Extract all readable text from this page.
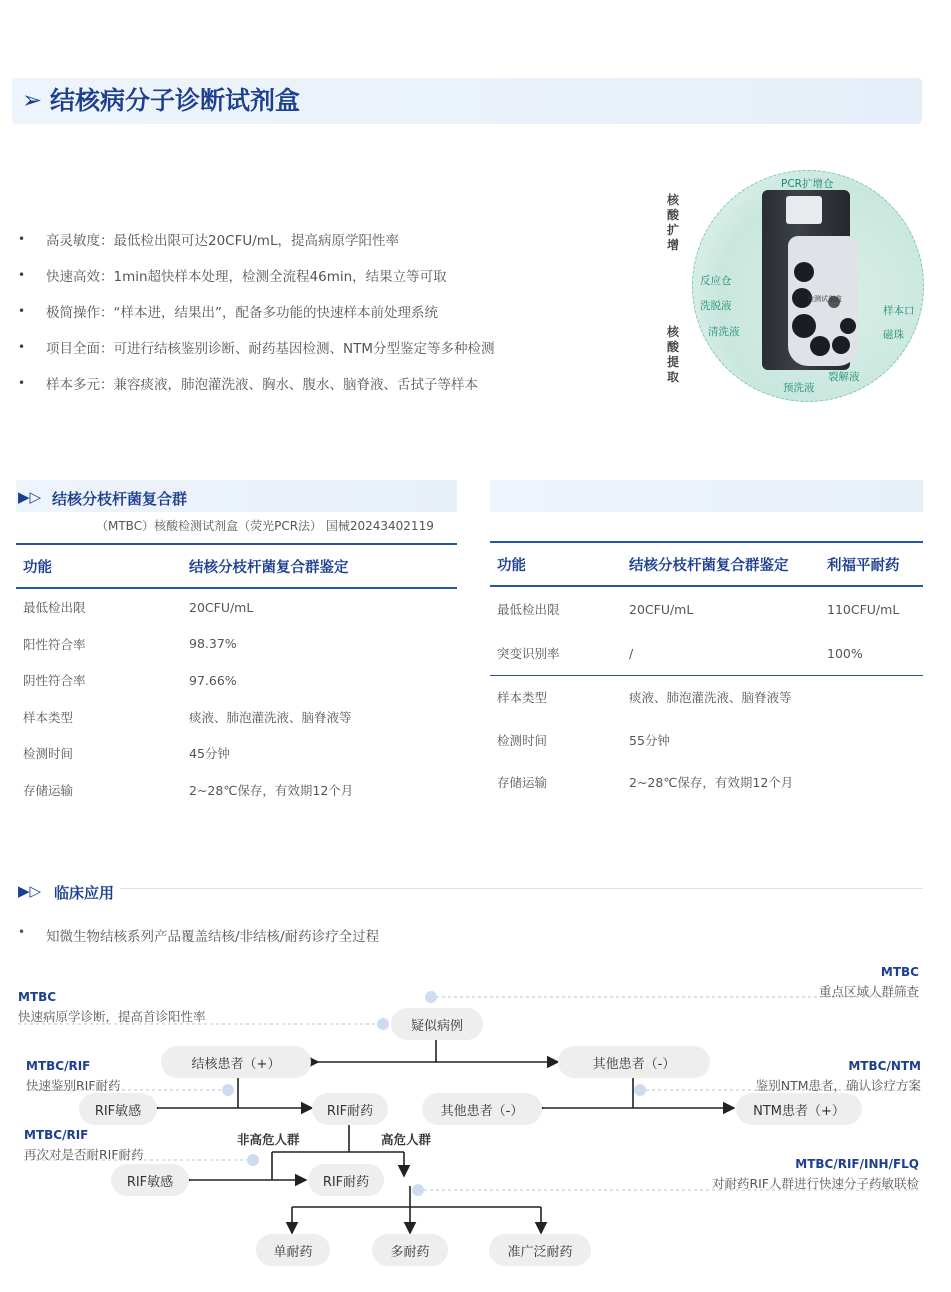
➢ 结核病分子诊断试剂盒
•	高灵敏度：最低检出限可达20CFU/mL，提高病原学阳性率
•	快速高效：1min超快样本处理，检测全流程46min，结果立等可取
•	极简操作：“样本进，结果出”，配备多功能的快速样本前处理系统
•	项目全面：可进行结核鉴别诊断、耐药基因检测、NTM分型鉴定等多种检测
•	样本多元：兼容痰液，肺泡灌洗液、胸水、腹水、脑脊液、舌拭子等样本
核酸扩增
核酸提取
检测试剂盒
PCR扩增仓
反应仓
洗脱液
清洗液
样本口
磁珠
裂解液
预洗液
▶▷ 结核分枝杆菌复合群
（MTBC）核酸检测试剂盒（荧光PCR法） 国械20243402119
功能	结核分枝杆菌复合群鉴定
最低检出限	20CFU/mL
阳性符合率	98.37%
阴性符合率	97.66%
样本类型	痰液、肺泡灌洗液、脑脊液等
检测时间	45分钟
存储运输	2~28℃保存，有效期12个月
功能	结核分枝杆菌复合群鉴定	利福平耐药
最低检出限	20CFU/mL	110CFU/mL
突变识别率	/	100%
样本类型	痰液、肺泡灌洗液、脑脊液等	
检测时间	55分钟	
存储运输	2~28℃保存，有效期12个月	
▶▷ 临床应用
•	知微生物结核系列产品覆盖结核/非结核/耐药诊疗全过程
疑似病例
结核患者（+）	其他患者（-）
RIF敏感	RIF耐药	其他患者（-）	NTM患者（+）
RIF敏感	RIF耐药
单耐药	多耐药	准广泛耐药
非高危人群	高危人群
MTBC
重点区域人群筛查
MTBC
快速病原学诊断，提高首诊阳性率
MTBC/RIF
快速鉴别RIF耐药
MTBC/NTM
鉴别NTM患者，确认诊疗方案
MTBC/RIF
再次对是否耐RIF耐药
MTBC/RIF/INH/FLQ
对耐药RIF人群进行快速分子药敏联检
